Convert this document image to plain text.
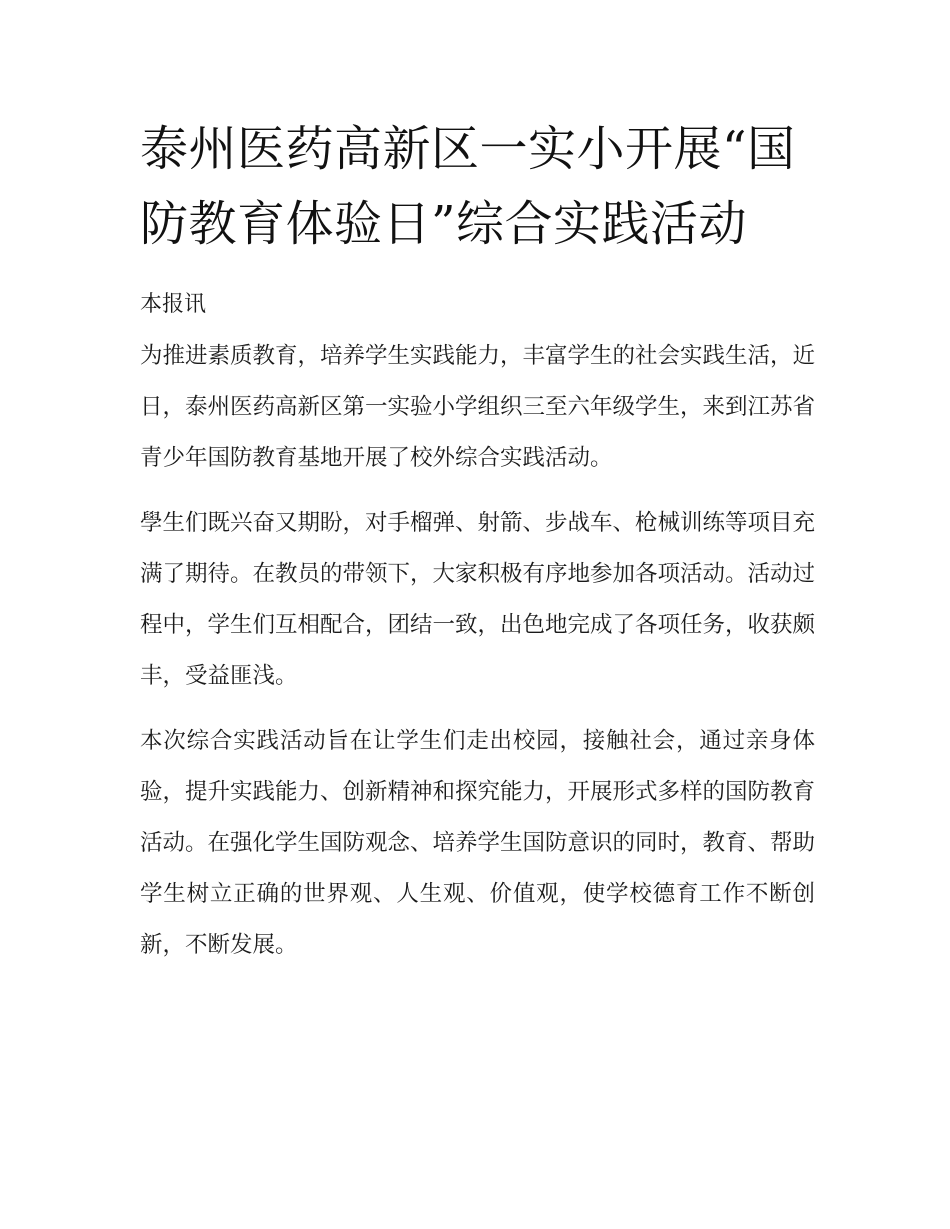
泰州医药高新区一实小开展“国防教育体验日”综合实践活动

本报讯

为推进素质教育，培养学生实践能力，丰富学生的社会实践生活，近日，泰州医药高新区第一实验小学组织三至六年级学生，来到江苏省青少年国防教育基地开展了校外综合实践活动。

學生们既兴奋又期盼，对手榴弹、射箭、步战车、枪械训练等项目充满了期待。在教员的带领下，大家积极有序地参加各项活动。活动过程中，学生们互相配合，团结一致，出色地完成了各项任务，收获颇丰，受益匪浅。

本次综合实践活动旨在让学生们走出校园，接触社会，通过亲身体验，提升实践能力、创新精神和探究能力，开展形式多样的国防教育活动。在强化学生国防观念、培养学生国防意识的同时，教育、帮助学生树立正确的世界观、人生观、价值观，使学校德育工作不断创新，不断发展。
